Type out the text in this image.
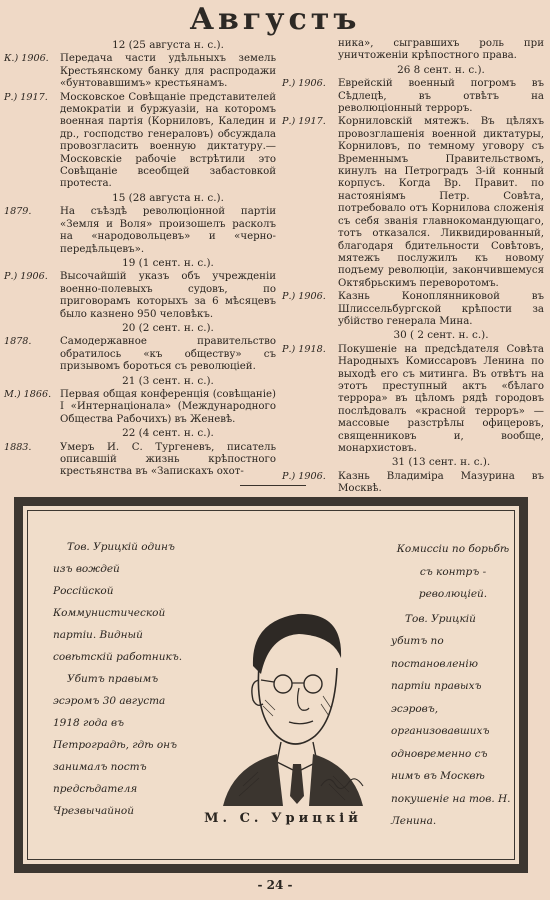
Августъ
12 (25 августа н. с.).
К.) 1906.	Передача части удѣльныхъ земель Крестьянскому банку для распродажи «бунтовавшимъ» крестьянамъ.
Р.) 1917.	Московское Совѣщаніе представителей демократіи и буржуазіи, на которомъ военная партія (Корниловъ, Каледин и др., господство генераловъ) обсуждала провозгласить военную диктатуру.—Московскіе рабочіе встрѣтили это Совѣщаніе всеобщей забастовкой протеста.
15 (28 августа н. с.).
1879.	На съѣздѣ революціонной партіи «Земля и Воля» произошелъ расколъ на «народовольцевъ» и «черно-передѣльцевъ».
19 (1 сент. н. с.).
Р.) 1906.	Высочайшій указъ объ учрежденіи военно-полевыхъ судовъ, по приговорамъ которыхъ за 6 мѣсяцевъ было казнено 950 человѣкъ.
20 (2 сент. н. с.).
1878.	Самодержавное правительство обратилось «къ обществу» съ призывомъ бороться съ революціей.
21 (3 сент. н. с.).
М.) 1866. Первая общая конференція (совѣщаніе) I «Интернаціонала» (Международного Общества Рабочихъ) въ Женевѣ.
22 (4 сент. н. с.).
1883.	Умеръ И. С. Тургеневъ, писатель описавшій жизнь крѣпостного крестьянства въ «Запискахъ охот-
ника», сыгравшихъ роль при уничтоженіи крѣпостного права.
26 8 сент. н. с.).
Р.) 1906.	Еврейскій военный погромъ въ Сѣдлецѣ, въ отвѣтъ на революціонный терроръ.
Р.) 1917.	Корниловскій мятежъ. Въ цѣляхъ провозглашенія военной диктатуры, Корниловъ, по темному уговору съ Временнымъ Правительствомъ, кинулъ на Петроградъ 3-ій конный корпусъ. Когда Вр. Правит. по настояніямъ Петр. Совѣта, потребовало отъ Корнилова сложенія съ себя званія главнокомандующаго, тотъ отказался. Ликвидированный, благодаря бдительности Совѣтовъ, мятежъ послужилъ къ новому подъему революціи, закончившемуся Октябрьскимъ переворотомъ.
Р.) 1906.	Казнь Коноплянниковой въ Шлиссельбургской крѣпости за убійство генерала Мина.
30 ( 2 сент. н. с.).
Р.) 1918.	Покушеніе на предсѣдателя Совѣта Народныхъ Комиссаровъ Ленина по выходѣ его съ митинга. Въ отвѣтъ на этотъ преступный актъ «бѣлаго террора» въ цѣломъ рядѣ городовъ послѣдовалъ «красной терроръ» — массовые разстрѣлы офицеровъ, священниковъ и, вообще, монархистовъ.
31 (13 сент. н. с.).
Р.) 1906.	Казнь Владиміра Мазурина въ Москвѣ.

Тов. Урицкій одинъ изъ вождей Россійской Коммунистической партіи. Видный совѣтскій работникъ.

Убитъ правымъ эсэромъ 30 августа 1918 года въ Петроградѣ, гдѣ онъ занималъ постъ предсѣдателя Чрезвычайной	М. С. Урицкій

Комиссіи по борьбѣ съ контръ - революціей.

Тов. Урицкій убитъ по постановленію партіи правыхъ эсэровъ, организовавшихъ одновременно съ нимъ въ Москвѣ покушеніе на тов. Н. Ленина.

- 24 -
